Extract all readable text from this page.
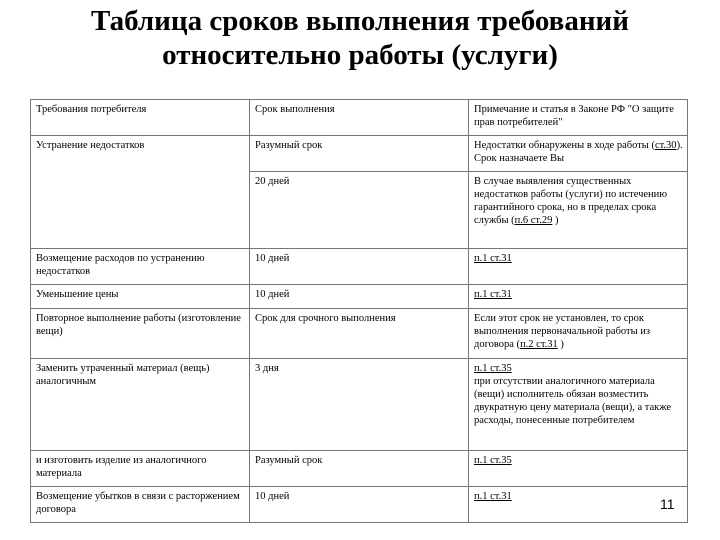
Таблица сроков выполнения требований
относительно работы (услуги)
Требования потребителя	Срок выполнения	Примечание и статья в Законе РФ "О защите прав потребителей"
Устранение недостатков	Разумный срок	Недостатки обнаружены в ходе работы (ст.30). Срок назначаете Вы
	20 дней	В случае выявления существенных недостатков работы (услуги) по истечению гарантийного срока, но в пределах срока службы (п.6 ст.29 )
Возмещение расходов по устранению недостатков	10 дней	п.1 ст.31
Уменьшение цены	10 дней	п.1 ст.31
Повторное выполнение работы (изготовление вещи)	Срок для срочного выполнения	Если этот срок не установлен, то срок выполнения первоначальной работы из договора (п.2 ст.31 )
Заменить утраченный материал (вещь) аналогичным	3 дня	п.1 ст.35
при отсутствии аналогичного материала (вещи) исполнитель обязан возместить двукратную цену материала (вещи), а также расходы, понесенные потребителем
и изготовить изделие из аналогичного материала	Разумный срок	п.1 ст.35
Возмещение убытков в связи с расторжением договора	10 дней	п.1 ст.31	11
